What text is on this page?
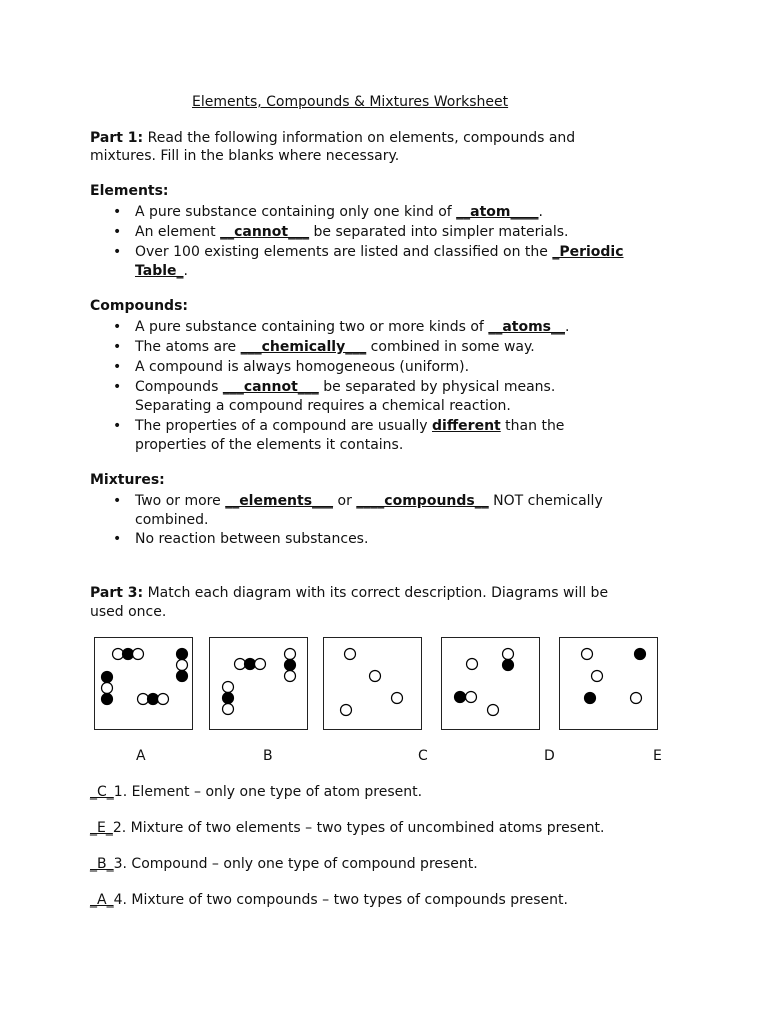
Elements, Compounds & Mixtures Worksheet
Part 1: Read the following information on elements, compounds and
mixtures. Fill in the blanks where necessary.
Elements:
• A pure substance containing only one kind of __atom____.
• An element __cannot___ be separated into simpler materials.
• Over 100 existing elements are listed and classified on the _Periodic
Table_.
Compounds:
• A pure substance containing two or more kinds of __atoms__.
• The atoms are ___chemically___ combined in some way.
• A compound is always homogeneous (uniform).
• Compounds ___cannot___ be separated by physical means.
Separating a compound requires a chemical reaction.
• The properties of a compound are usually different than the
properties of the elements it contains.
Mixtures:
• Two or more __elements___ or ____compounds__ NOT chemically
combined.
• No reaction between substances.
Part 3: Match each diagram with its correct description. Diagrams will be
used once.
A	B	C	D	E
_C_1. Element – only one type of atom present.
_E_2. Mixture of two elements – two types of uncombined atoms present.
_B_3. Compound – only one type of compound present.
_A_4. Mixture of two compounds – two types of compounds present.
